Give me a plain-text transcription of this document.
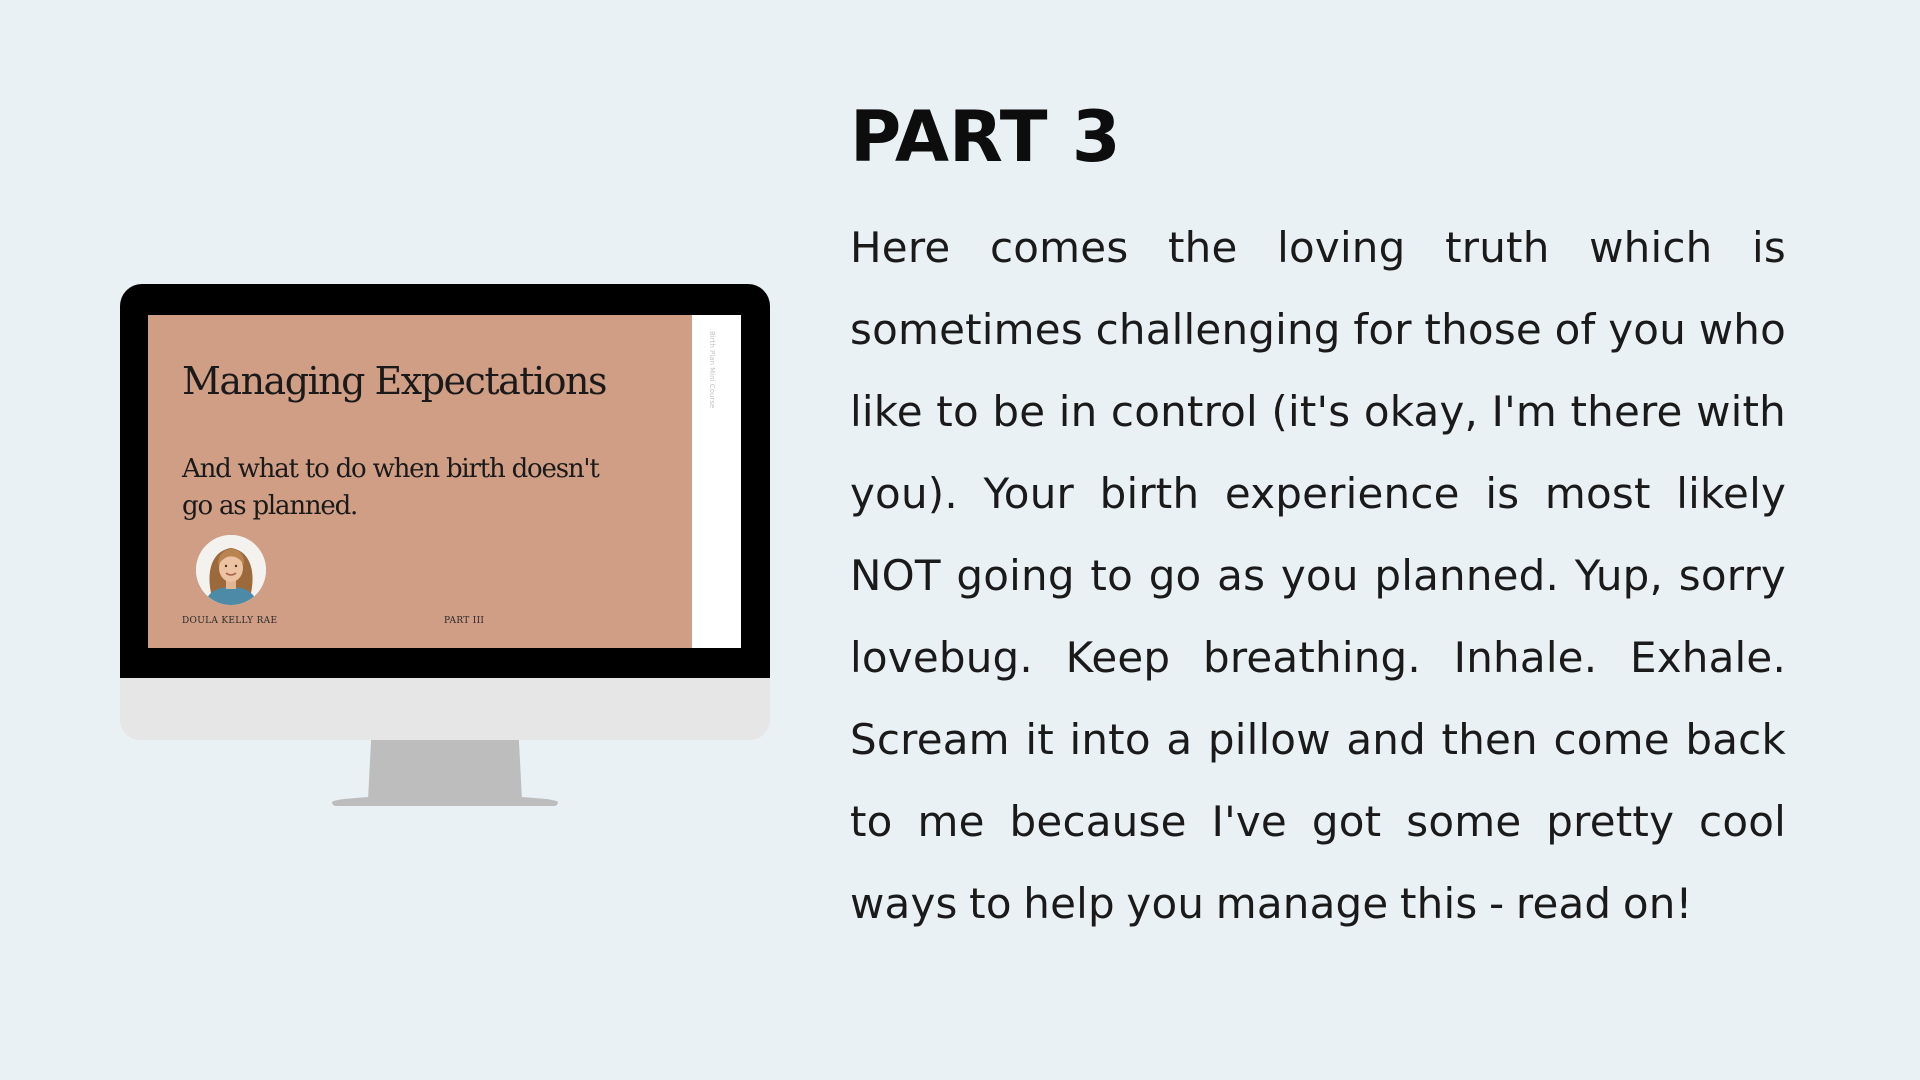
Managing Expectations

And what to do when birth doesn't go as planned.

DOULA KELLY RAE	PART III
Birth Plan Mini Course
PART 3

Here comes the loving truth which is sometimes challenging for those of you who like to be in control (it's okay, I'm there with you). Your birth experience is most likely NOT going to go as you planned. Yup, sorry lovebug. Keep breathing. Inhale. Exhale. Scream it into a pillow and then come back to me because I've got some pretty cool ways to help you manage this - read on!
